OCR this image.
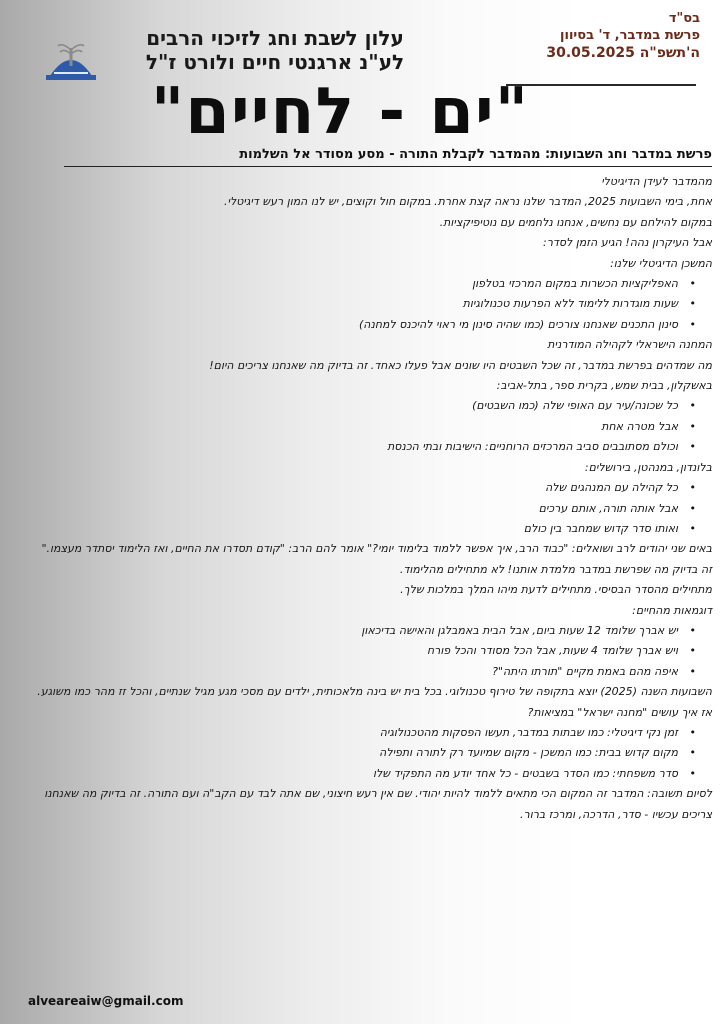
בס"ד
פרשת במדבר, ד' בסיוון
ה'תשפ"ה 30.05.2025
עלון לשבת וחג לזיכוי הרבים
לע"נ ארגנטי חיים ולורט ז"ל
"ים - לחיים"
פרשת במדבר וחג השבועות: מהמדבר לקבלת התורה - מסע מסודר אל השלמות

מהמדבר לעידן הדיגיטלי

אחת, בימי השבועות 2025, המדבר שלנו נראה קצת אחרת. במקום חול וקוצים, יש לנו המון רעש דיגיטלי.

במקום להילחם עם נחשים, אנחנו נלחמים עם נוטיפיקציות.

אבל העיקרון נהה! הגיע הזמן לסדר:

המשכן הדיגיטלי שלנו:

• האפליקציות הכשרות במקום המרכזי בטלפון
• שעות מוגדרות ללימוד ללא הפרעות טכנולוגיות
• סינון התכנים שאנחנו צורכים (כמו שהיה סינון מי ראוי להיכנס למחנה)

המחנה הישראלי לקהילה המודרנית

מה שמדהים בפרשת במדבר, זה שכל השבטים היו שונים אבל פעלו כאחד. זה בדיוק מה שאנחנו צריכים היום!

באשקלון, בבית שמש, בקרית ספר, בתל-אביב:

• כל שכונה/עיר עם האופי שלה (כמו השבטים)
• אבל מטרה אחת
• וכולם מסתובבים סביב המרכזים הרוחניים: הישיבות ובתי הכנסת

בלונדון, במנהטן, בירושלים:

• כל קהילה עם המנהגים שלה
• אבל אותה תורה, אותם ערכים
• ואותו סדר קדוש שמחבר בין כולם

באים שני יהודים לרב ושואלים: "כבוד הרב, איך אפשר ללמוד בלימוד יומי?" אומר להם הרב: "קודם תסדרו את החיים, ואז הלימוד יסתדר מעצמו." זה בדיוק מה שפרשת במדבר מלמדת אותנו! לא מתחילים מהלימוד.

מתחילים מהסדר הבסיסי. מתחילים לדעת מיהו המלך במלכות שלך.

דוגמאות מהחיים:

• יש אברך שלומד 12 שעות ביום, אבל הבית באמבלגן והאישה בדיכאון
• ויש אברך שלומד 4 שעות, אבל הכל מסודר והכל פורח
• איפה מהם באמת מקיים "תורתו היתה"?

השבועות השנה (2025) יוצא בתקופה של טירוף טכנולוגי. בכל בית יש בינה מלאכותית, ילדים עם מסכי מגע מגיל שנתיים, והכל זז מהר כמו משוגע.

אז איך עושים "מחנה ישראל" במציאות?

• זמן נקי דיגיטלי: כמו שבתות במדבר, תעשו הפסקות מהטכנולוגיה
• מקום קדוש בבית: כמו המשכן - מקום שמיועד רק לתורה ותפילה
• סדר משפחתי: כמו הסדר בשבטים - כל אחד יודע מה התפקיד שלו

לסיום תשובה: המדבר זה המקום הכי מתאים ללמוד להיות יהודי. שם אין רעש חיצוני, שם אתה לבד עם הקב"ה ועם התורה. זה בדיוק מה שאנחנו צריכים עכשיו - סדר, הדרכה, ומרכז ברור.

alveareaiw@gmail.com
